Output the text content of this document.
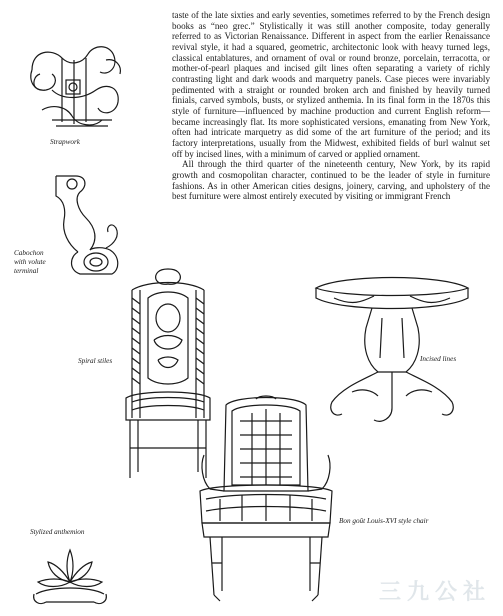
taste of the late sixties and early seventies, sometimes referred to by the French design books as “neo grec.” Stylistically it was still another composite, today generally referred to as Victorian Renaissance. Different in aspect from the earlier Renaissance revival style, it had a squared, geometric, architectonic look with heavy turned legs, classical entablatures, and ornament of oval or round bronze, porcelain, terracotta, or mother-of-pearl plaques and incised gilt lines often separating a variety of richly contrasting light and dark woods and marquetry panels. Case pieces were invariably pedimented with a straight or rounded broken arch and finished by heavily turned finials, carved symbols, busts, or stylized anthemia. In its final form in the 1870s this style of furniture—influenced by machine production and current English reform—became increasingly flat. Its more sophisticated versions, emanating from New York, often had intricate marquetry as did some of the art furniture of the period; and its factory interpretations, usually from the Midwest, exhibited fields of burl walnut set off by incised lines, with a minimum of carved or applied ornament.

All through the third quarter of the nineteenth century, New York, by its rapid growth and cosmopolitan character, continued to be the leader of style in furniture fashions. As in other American cities designs, joinery, carving, and upholstery of the best furniture were almost entirely executed by visiting or immigrant French

Strapwork
Cabochon with volute terminal
Spiral stiles	Incised lines
Bon goût Louis-XVI style chair
Stylized anthemion
三九公社
